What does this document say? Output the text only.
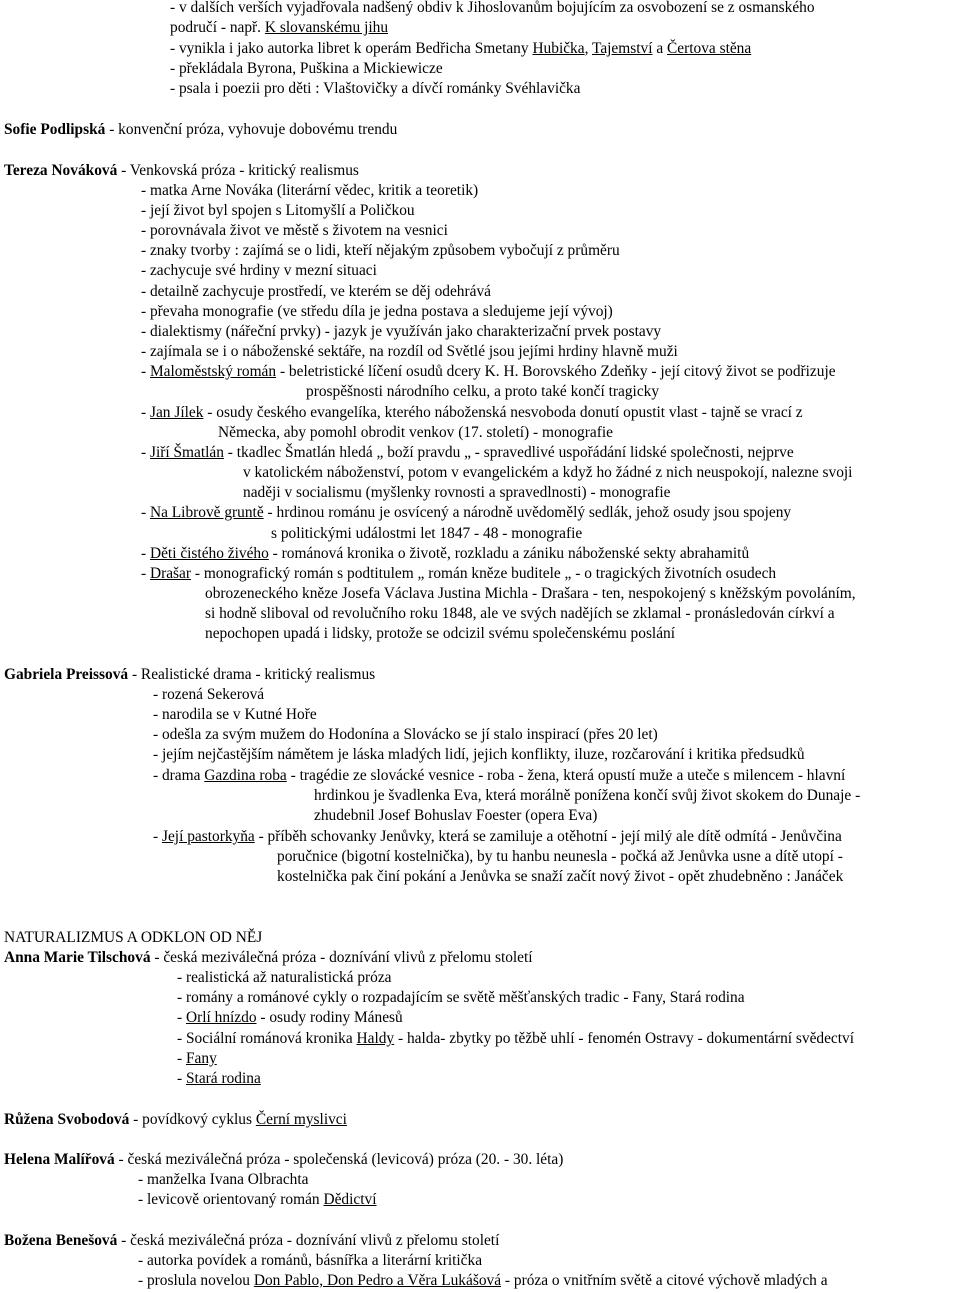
- v dalších verších vyjadřovala nadšený obdiv k Jihoslovanům bojujícím za osvobození se z osmanského
područí - např. K slovanskému jihu
- vynikla i jako autorka libret k operám Bedřicha Smetany Hubička, Tajemství a Čertova stěna
- překládala Byrona, Puškina a Mickiewicze
- psala i poezii pro děti : Vlaštovičky a dívčí románky Svéhlavička
Sofie Podlipská - konvenční próza, vyhovuje dobovému trendu
Tereza Nováková - Venkovská próza - kritický realismus
- matka Arne Nováka (literární vědec, kritik a teoretik)
- její život byl spojen s Litomyšlí a Poličkou
- porovnávala život ve městě s životem na vesnici
- znaky tvorby : zajímá se o lidi, kteří nějakým způsobem vybočují z průměru
- zachycuje své hrdiny v mezní situaci
- detailně zachycuje prostředí, ve kterém se děj odehrává
- převaha monografie (ve středu díla je jedna postava a sledujeme její vývoj)
- dialektismy (nářeční prvky) - jazyk je využíván jako charakterizační prvek postavy
- zajímala se i o náboženské sektáře, na rozdíl od Světlé jsou jejími hrdiny hlavně muži
- Maloměstský román - beletristické líčení osudů dcery K. H. Borovského Zdeňky - její citový život se podřizuje
prospěšnosti národního celku, a proto také končí tragicky
- Jan Jílek - osudy českého evangelíka, kterého náboženská nesvoboda donutí opustit vlast - tajně se vrací z
Německa, aby pomohl obrodit venkov (17. století) - monografie
- Jiří Šmatlán - tkadlec Šmatlán hledá „ boží pravdu „ - spravedlivé uspořádání lidské společnosti, nejprve
v katolickém náboženství, potom v evangelickém a když ho žádné z nich neuspokojí, nalezne svoji
naději v socialismu (myšlenky rovnosti a spravedlnosti) - monografie
- Na Librově gruntě - hrdinou románu je osvícený a národně uvědomělý sedlák, jehož osudy jsou spojeny
s politickými událostmi let 1847 - 48 - monografie
- Děti čistého živého - románová kronika o životě, rozkladu a zániku náboženské sekty abrahamitů
- Drašar - monografický román s podtitulem „ román kněze buditele „ - o tragických životních osudech
obrozeneckého kněze Josefa Václava Justina Michla - Drašara - ten, nespokojený s kněžským povoláním,
si hodně sliboval od revolučního roku 1848, ale ve svých nadějích se zklamal - pronásledován církví a
nepochopen upadá i lidsky, protože se odcizil svému společenskému poslání
Gabriela Preissová - Realistické drama - kritický realismus
- rozená Sekerová
- narodila se v Kutné Hoře
- odešla za svým mužem do Hodonína a Slovácko se jí stalo inspirací (přes 20 let)
- jejím nejčastějším námětem je láska mladých lidí, jejich konflikty, iluze, rozčarování i kritika předsudků
- drama Gazdina roba - tragédie ze slovácké vesnice - roba - žena, která opustí muže a uteče s milencem - hlavní
hrdinkou je švadlenka Eva, která morálně ponížena končí svůj život skokem do Dunaje -
zhudebnil Josef Bohuslav Foester (opera Eva)
- Její pastorkyňa - příběh schovanky Jenůvky, která se zamiluje a otěhotní - její milý ale dítě odmítá - Jenůvčina
poručnice (bigotní kostelnička), by tu hanbu neunesla - počká až Jenůvka usne a dítě utopí -
kostelnička pak činí pokání a Jenůvka se snaží začít nový život - opět zhudebněno : Janáček
NATURALIZMUS A ODKLON OD NĚJ
Anna Marie Tilschová - česká meziválečná próza - doznívání vlivů z přelomu století
- realistická až naturalistická próza
- romány a románové cykly o rozpadajícím se světě měšťanských tradic - Fany, Stará rodina
- Orlí hnízdo - osudy rodiny Mánesů
- Sociální románová kronika Haldy - halda- zbytky po těžbě uhlí - fenomén Ostravy - dokumentární svědectví
- Fany
- Stará rodina
Růžena Svobodová - povídkový cyklus Černí myslivci
Helena Malířová - česká meziválečná próza - společenská (levicová) próza (20. - 30. léta)
- manželka Ivana Olbrachta
- levicově orientovaný román Dědictví
Božena Benešová - česká meziválečná próza - doznívání vlivů z přelomu století
- autorka povídek a románů, básnířka a literární kritička
- proslula novelou Don Pablo, Don Pedro a Věra Lukášová - próza o vnitřním světě a citové výchově mladých a
